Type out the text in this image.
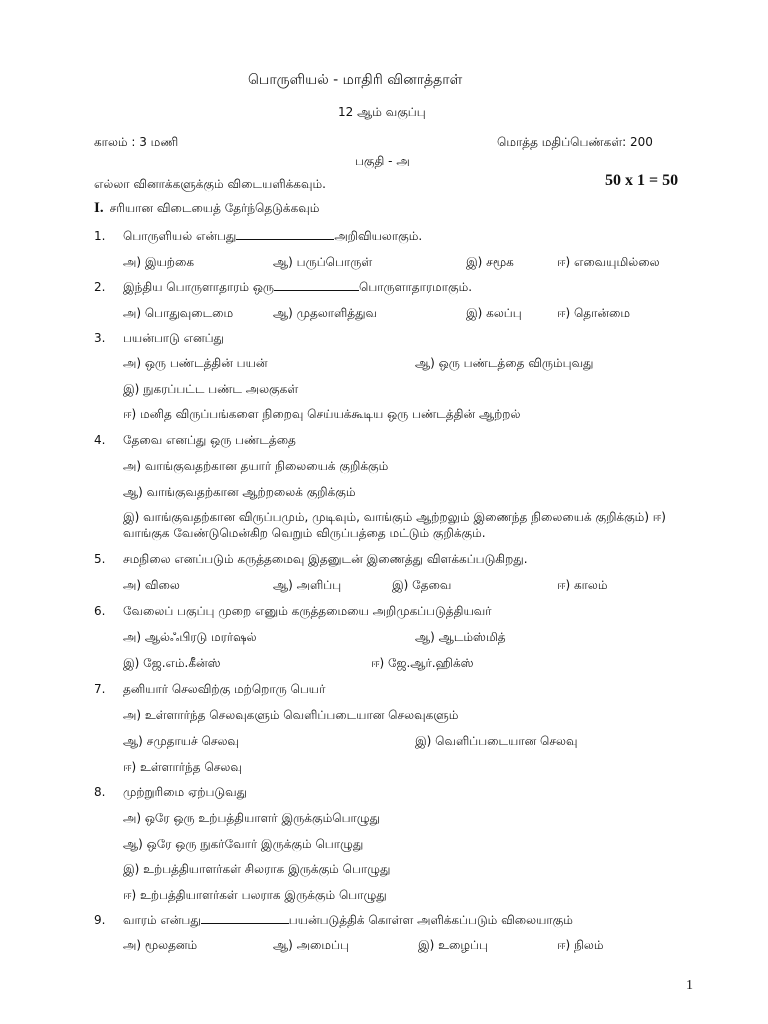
பொருளியல் - மாதிரி வினாத்தாள்
12 ஆம் வகுப்பு
காலம் : 3 மணி	மொத்த மதிப்பெண்கள்: 200
பகுதி - அ
எல்லா வினாக்களுக்கும் விடையளிக்கவும்.	50 x 1 = 50
I. சரியான விடையைத் தேர்ந்தெடுக்கவும்
1. பொருளியல் என்பது	அறிவியலாகும்.
அ) இயற்கை	ஆ) பருப்பொருள்	இ) சமூக	ஈ) எவையுமில்லை
2. இந்திய பொருளாதாரம் ஒரு	பொருளாதாரமாகும்.
அ) பொதுவுடைமை	ஆ) முதலாளித்துவ	இ) கலப்பு	ஈ) தொன்மை
3. பயன்பாடு எனப்து
அ) ஒரு பண்டத்தின் பயன்	ஆ) ஒரு பண்டத்தை விரும்புவது
இ) நுகரப்பட்ட பண்ட அலகுகள்
ஈ) மனித விருப்பங்களை நிறைவு செய்யக்கூடிய ஒரு பண்டத்தின் ஆற்றல்
4. தேவை எனப்து ஒரு பண்டத்தை
அ) வாங்குவதற்கான தயார் நிலையைக் குறிக்கும்
ஆ) வாங்குவதற்கான ஆற்றலைக் குறிக்கும்
இ) வாங்குவதற்கான விருப்பமும், முடிவும், வாங்கும் ஆற்றலும் இணைந்த நிலையைக் குறிக்கும்) ஈ) வாங்குக வேண்டுமென்கிற வெறும் விருப்பத்தை மட்டும் குறிக்கும்.
5. சமநிலை எனப்படும் கருத்தமைவு இதனுடன் இணைத்து விளக்கப்படுகிறது.
அ) விலை	ஆ) அளிப்பு	இ) தேவை	ஈ) காலம்
6. வேலைப் பகுப்பு முறை எனும் கருத்தமையை அறிமுகப்படுத்தியவர்
அ) ஆல்ஃபிரடு மரர்ஷல்	ஆ) ஆடம்ஸ்மித்
இ) ஜே.எம்.கீன்ஸ்	ஈ) ஜே.ஆர்.ஹிக்ஸ்
7. தனியார் செலவிற்கு மற்றொரு பெயர்
அ) உள்ளார்ந்த செலவுகளும் வெளிப்படையான செலவுகளும்
ஆ) சமுதாயச் செலவு	இ) வெளிப்படையான செலவு
ஈ) உள்ளார்ந்த செலவு
8. முற்றுரிமை ஏற்படுவது
அ) ஒரே ஒரு உற்பத்தியாளர் இருக்கும்பொழுது
ஆ) ஒரே ஒரு நுகர்வோர் இருக்கும் பொழுது
இ) உற்பத்தியாளர்கள் சிலராக இருக்கும் பொழுது
ஈ) உற்பத்தியாளர்கள் பலராக இருக்கும் பொழுது
9. வாரம் என்பது	பயன்படுத்திக் கொள்ள அளிக்கப்படும் விலையாகும்
அ) மூலதனம்	ஆ) அமைப்பு	இ) உழைப்பு	ஈ) நிலம்
1
